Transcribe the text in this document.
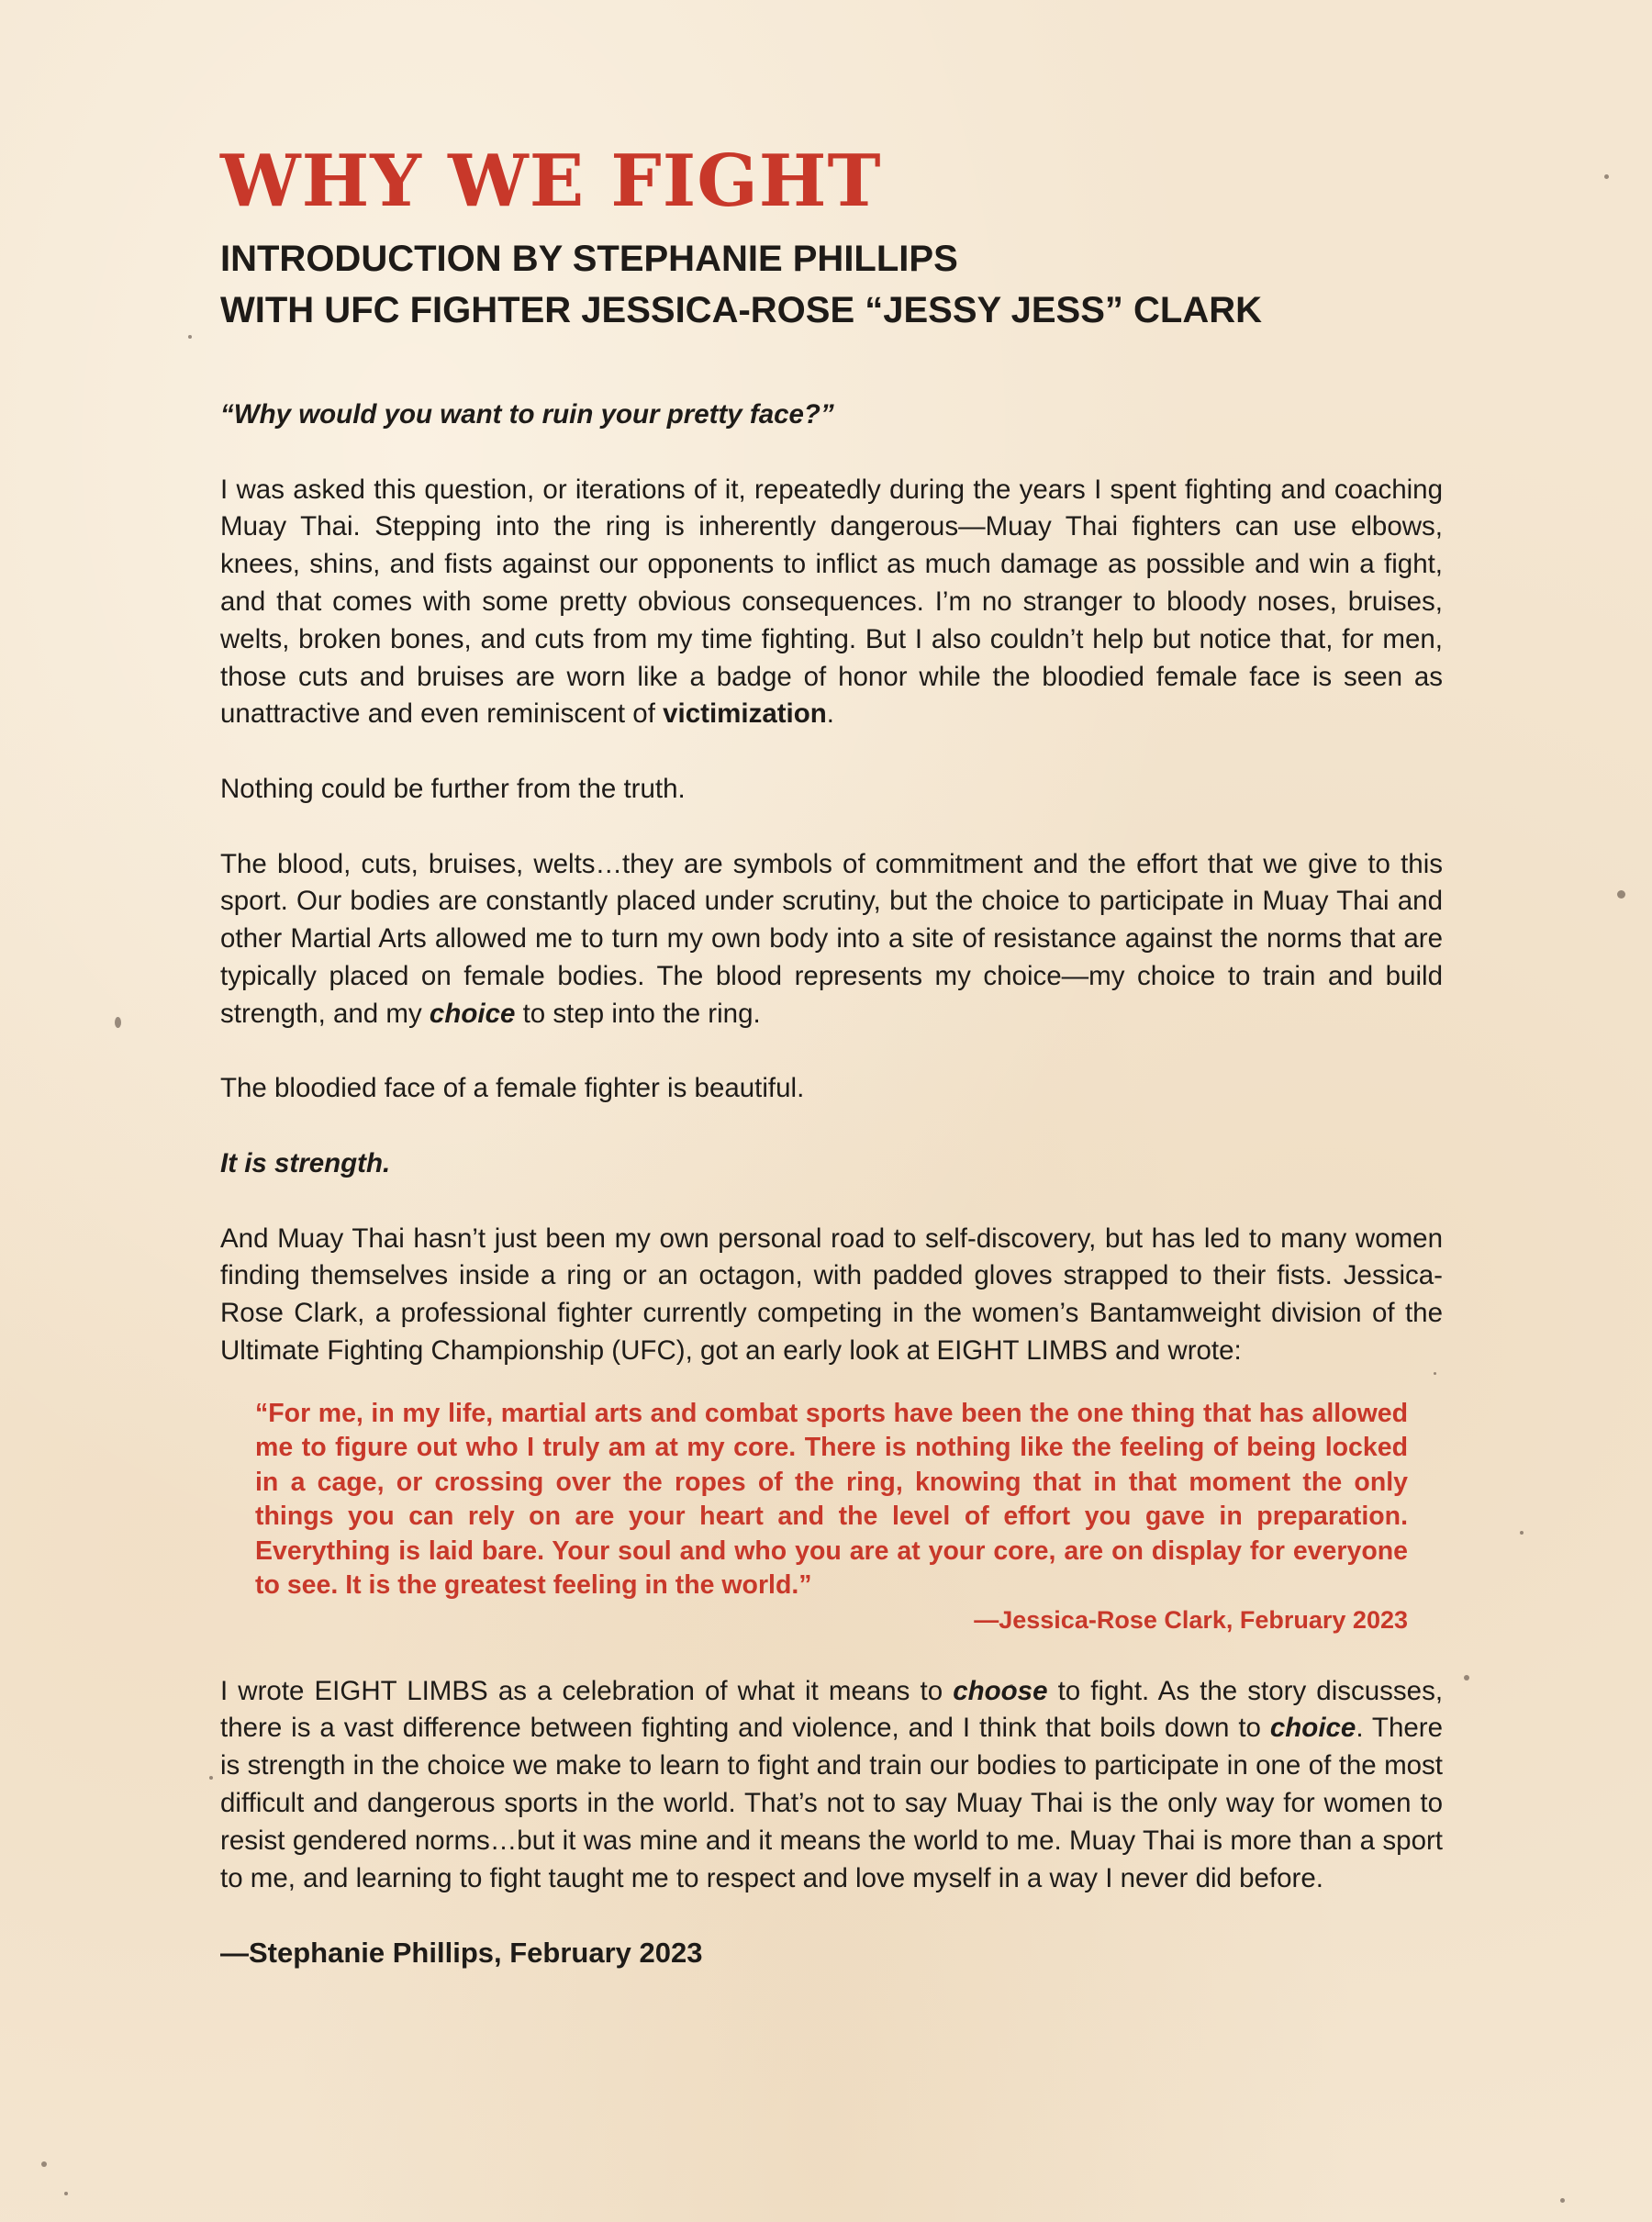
WHY WE FIGHT
INTRODUCTION BY STEPHANIE PHILLIPS
WITH UFC FIGHTER JESSICA-ROSE “JESSY JESS” CLARK

“Why would you want to ruin your pretty face?”

I was asked this question, or iterations of it, repeatedly during the years I spent fighting and coaching Muay Thai. Stepping into the ring is inherently dangerous—Muay Thai fighters can use elbows, knees, shins, and fists against our opponents to inflict as much damage as possible and win a fight, and that comes with some pretty obvious consequences. I’m no stranger to bloody noses, bruises, welts, broken bones, and cuts from my time fighting. But I also couldn’t help but notice that, for men, those cuts and bruises are worn like a badge of honor while the bloodied female face is seen as unattractive and even reminiscent of victimization.

Nothing could be further from the truth.

The blood, cuts, bruises, welts…they are symbols of commitment and the effort that we give to this sport. Our bodies are constantly placed under scrutiny, but the choice to participate in Muay Thai and other Martial Arts allowed me to turn my own body into a site of resistance against the norms that are typically placed on female bodies. The blood represents my choice—my choice to train and build strength, and my choice to step into the ring.

The bloodied face of a female fighter is beautiful.

It is strength.

And Muay Thai hasn’t just been my own personal road to self-discovery, but has led to many women finding themselves inside a ring or an octagon, with padded gloves strapped to their fists. Jessica-Rose Clark, a professional fighter currently competing in the women’s Bantamweight division of the Ultimate Fighting Championship (UFC), got an early look at EIGHT LIMBS and wrote:

“For me, in my life, martial arts and combat sports have been the one thing that has allowed me to figure out who I truly am at my core. There is nothing like the feeling of being locked in a cage, or crossing over the ropes of the ring, knowing that in that moment the only things you can rely on are your heart and the level of effort you gave in preparation. Everything is laid bare. Your soul and who you are at your core, are on display for everyone to see. It is the greatest feeling in the world.”

—Jessica-Rose Clark, February 2023

I wrote EIGHT LIMBS as a celebration of what it means to choose to fight. As the story discusses, there is a vast difference between fighting and violence, and I think that boils down to choice. There is strength in the choice we make to learn to fight and train our bodies to participate in one of the most difficult and dangerous sports in the world. That’s not to say Muay Thai is the only way for women to resist gendered norms…but it was mine and it means the world to me. Muay Thai is more than a sport to me, and learning to fight taught me to respect and love myself in a way I never did before.

—Stephanie Phillips, February 2023
